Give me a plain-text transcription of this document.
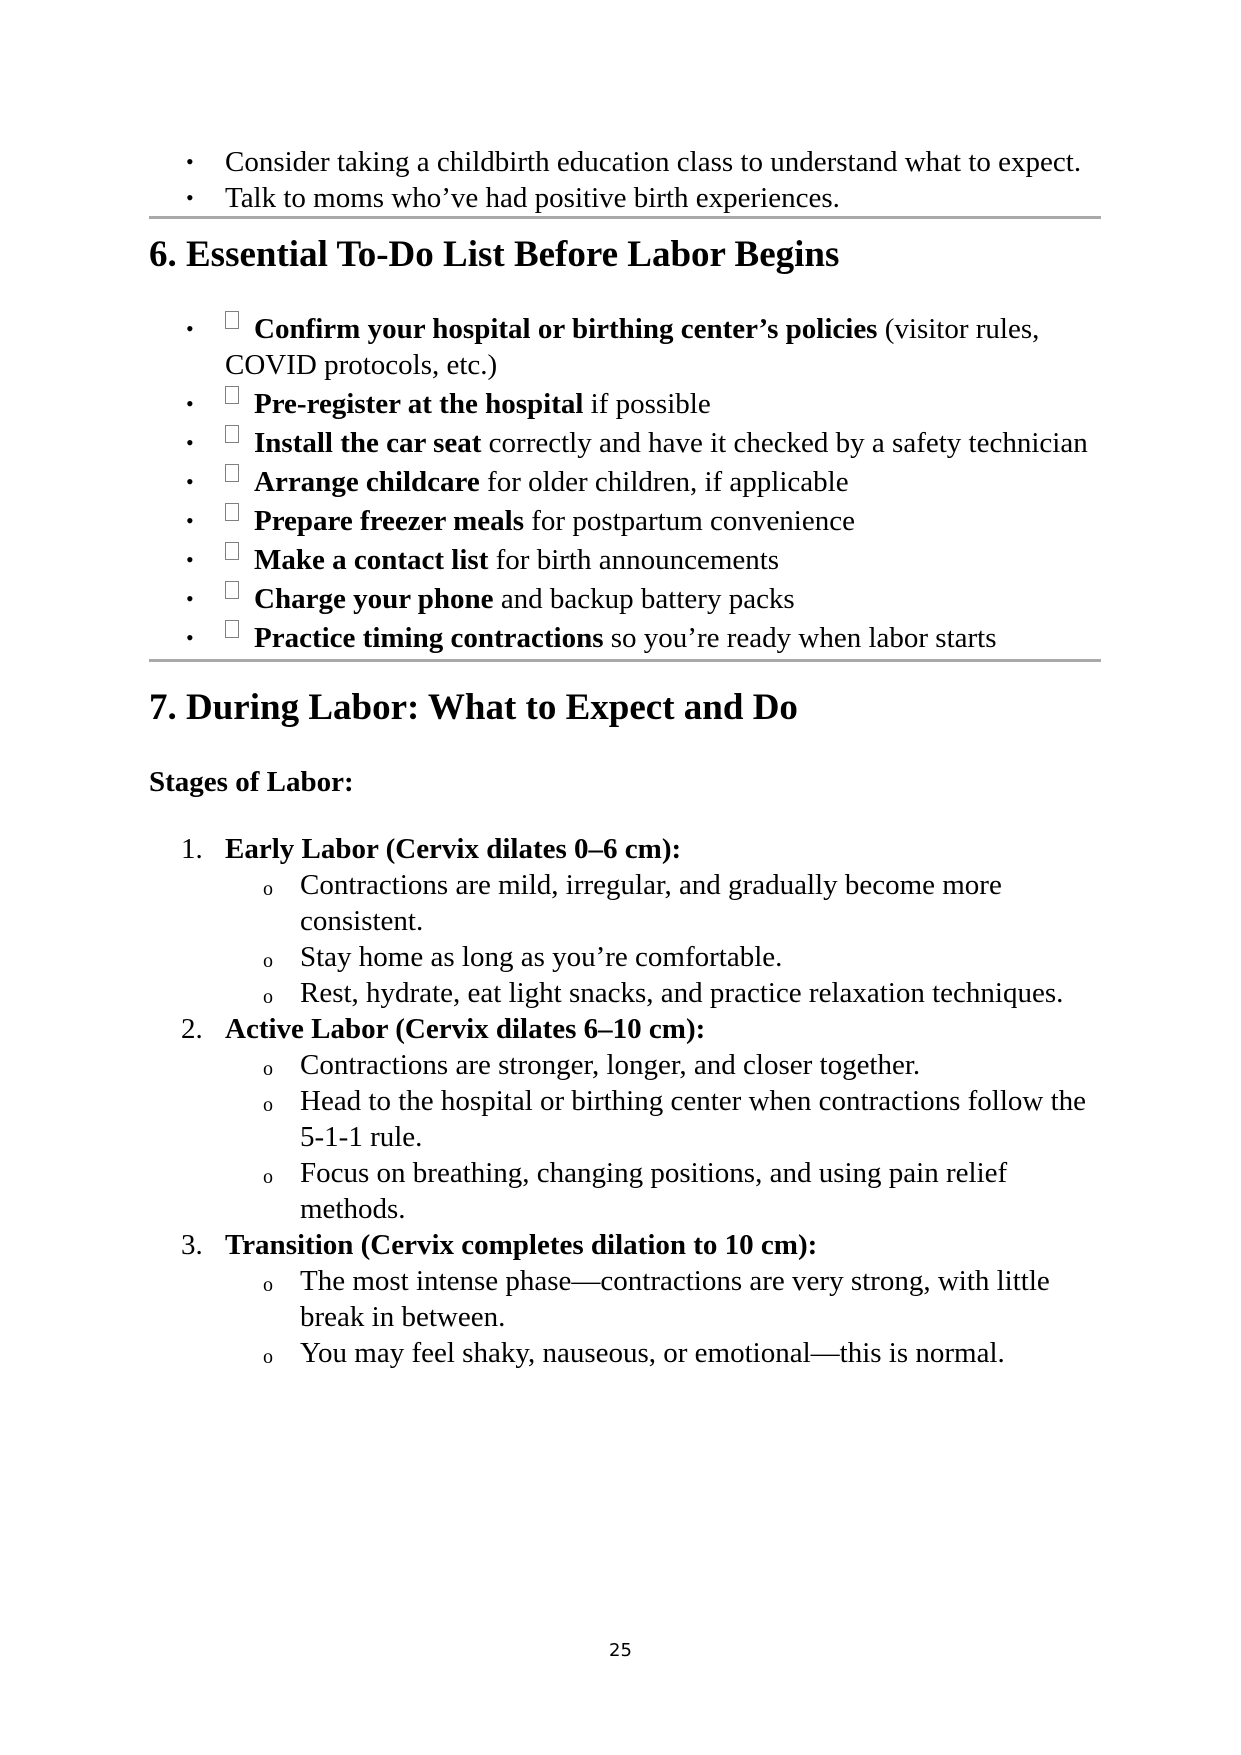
• Consider taking a childbirth education class to understand what to expect.
• Talk to moms who’ve had positive birth experiences.
6. Essential To-Do List Before Labor Begins
• Confirm your hospital or birthing center’s policies (visitor rules, COVID protocols, etc.)
• Pre-register at the hospital if possible
• Install the car seat correctly and have it checked by a safety technician
• Arrange childcare for older children, if applicable
• Prepare freezer meals for postpartum convenience
• Make a contact list for birth announcements
• Charge your phone and backup battery packs
• Practice timing contractions so you’re ready when labor starts
7. During Labor: What to Expect and Do
Stages of Labor:
1. Early Labor (Cervix dilates 0–6 cm):
o Contractions are mild, irregular, and gradually become more consistent.
o Stay home as long as you’re comfortable.
o Rest, hydrate, eat light snacks, and practice relaxation techniques.
2. Active Labor (Cervix dilates 6–10 cm):
o Contractions are stronger, longer, and closer together.
o Head to the hospital or birthing center when contractions follow the 5-1-1 rule.
o Focus on breathing, changing positions, and using pain relief methods.
3. Transition (Cervix completes dilation to 10 cm):
o The most intense phase—contractions are very strong, with little break in between.
o You may feel shaky, nauseous, or emotional—this is normal.
25
